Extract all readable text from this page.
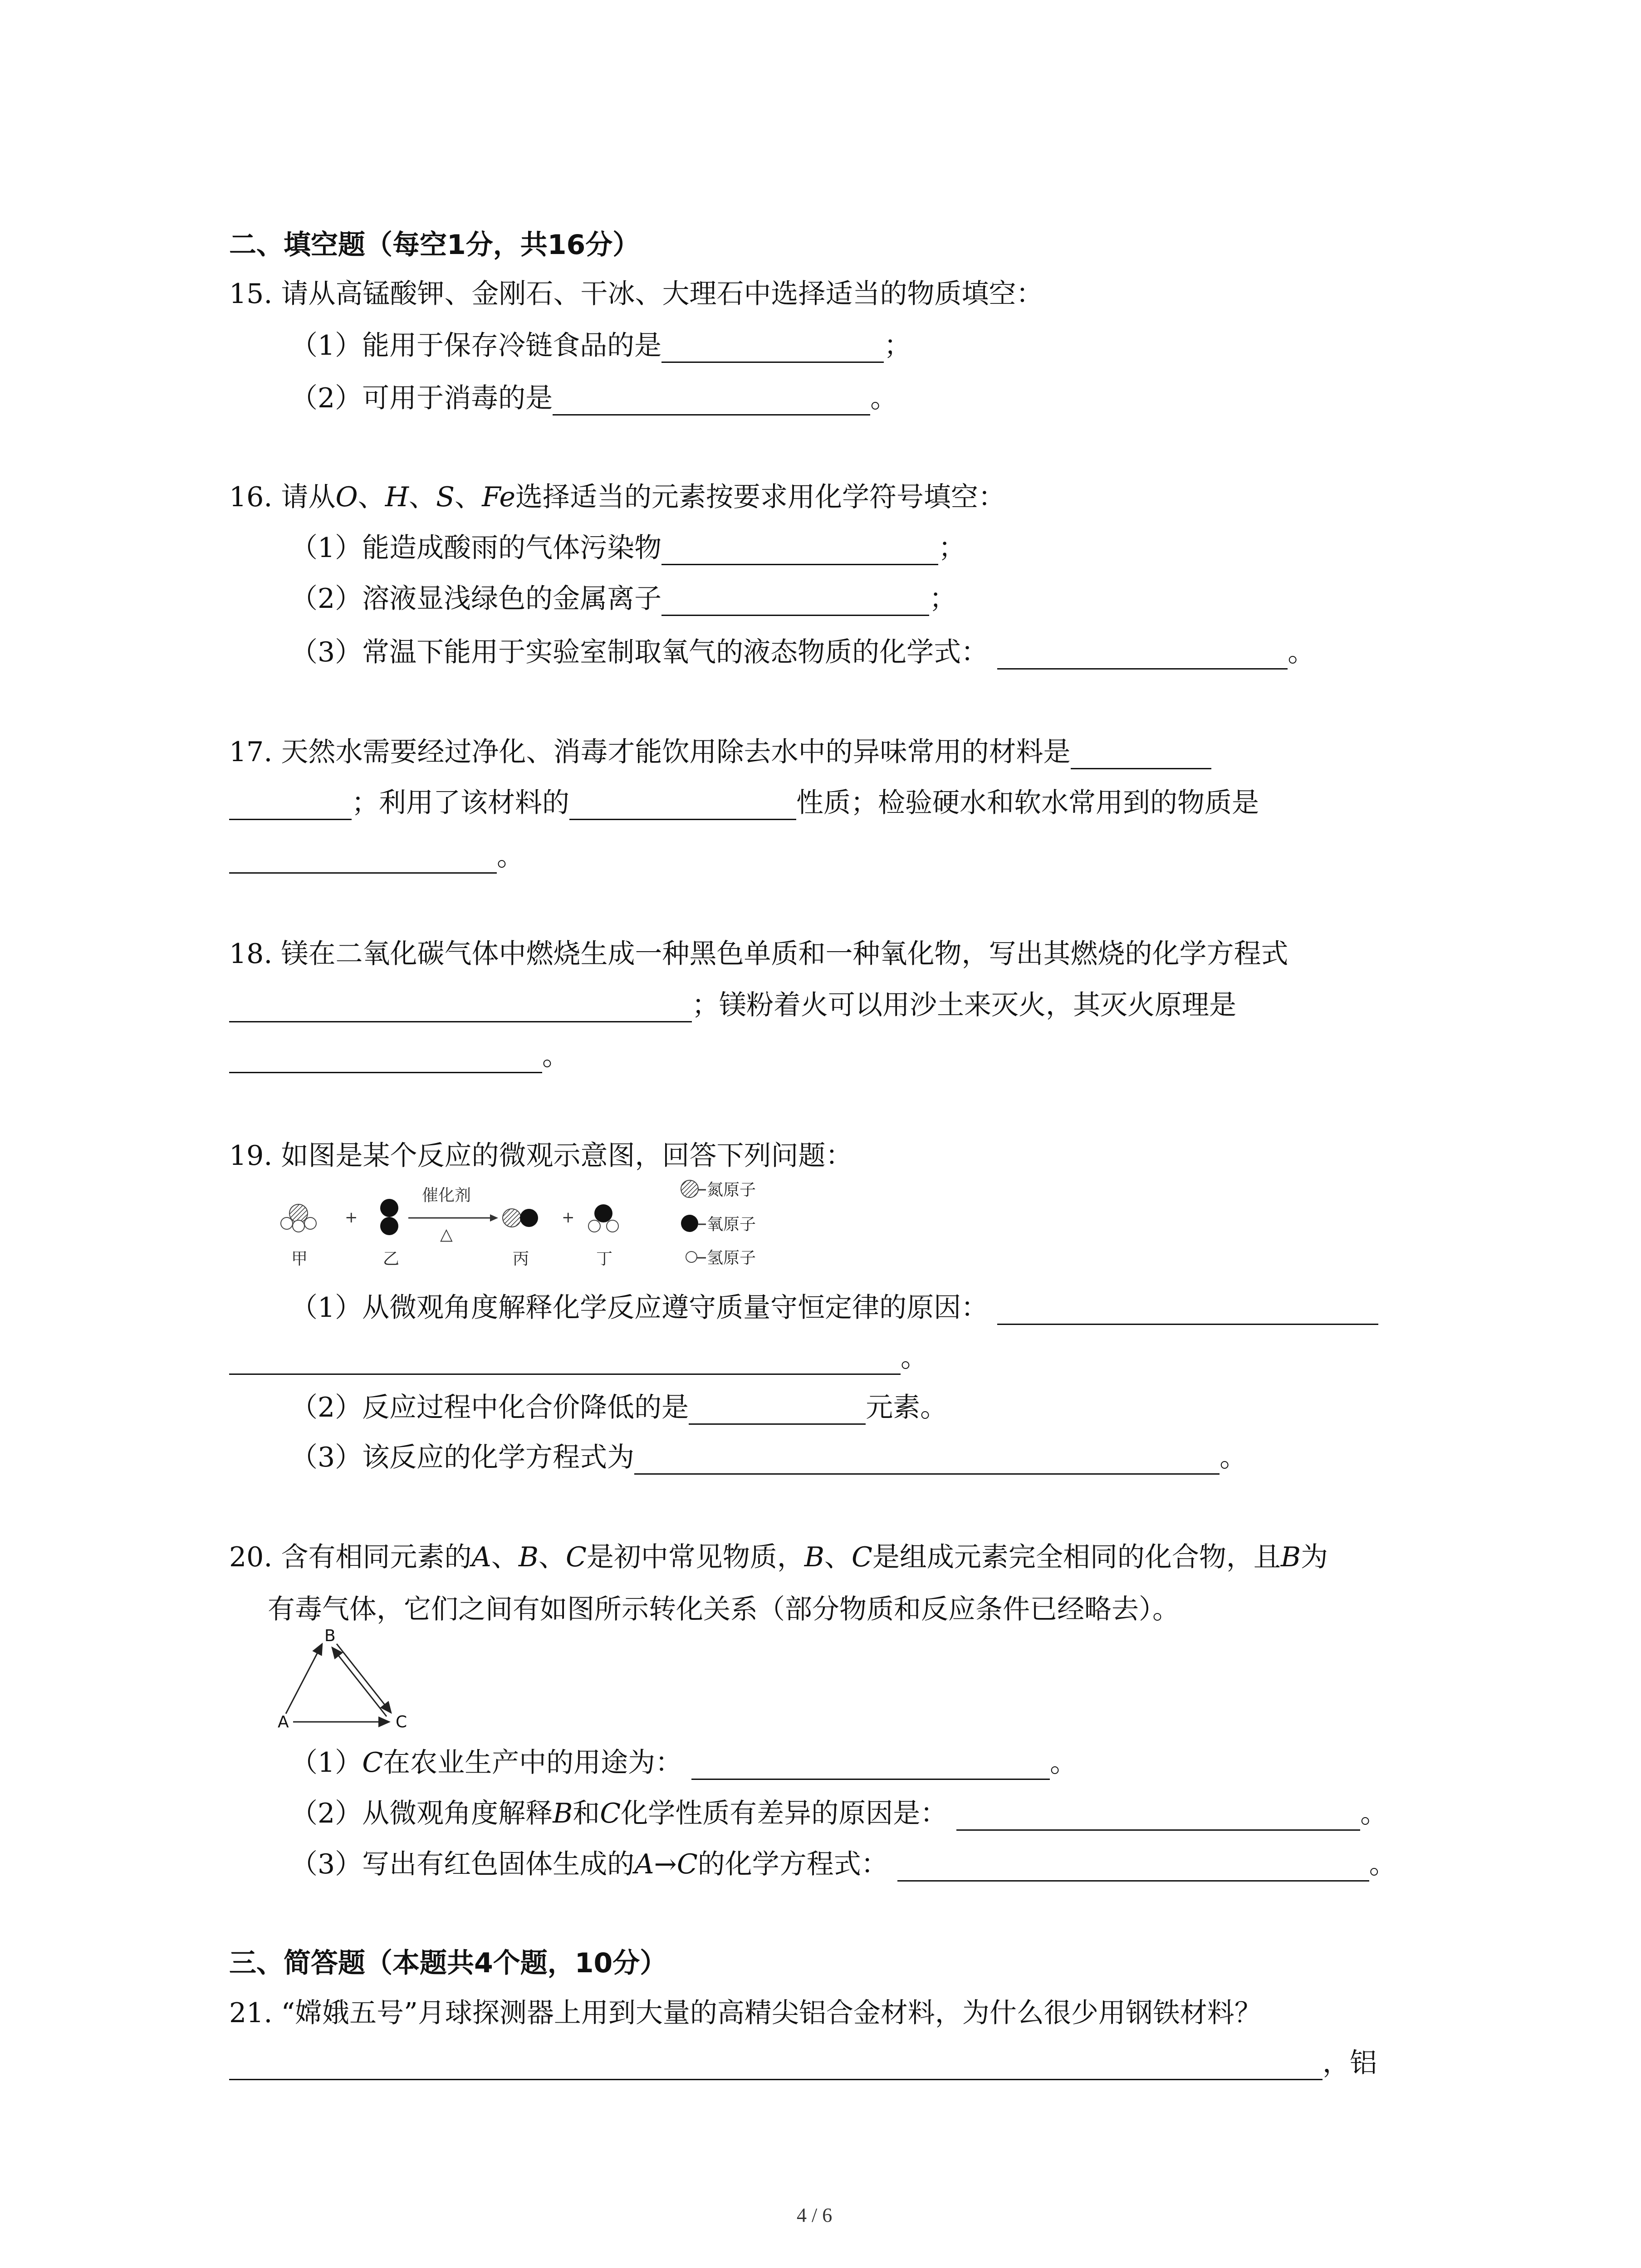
二、填空题（每空1分，共16分）
15. 请从高锰酸钾、金刚石、干冰、大理石中选择适当的物质填空：
（1）能用于保存冷链食品的是	；
（2）可用于消毒的是	。
16. 请从O、H、S、Fe选择适当的元素按要求用化学符号填空：
（1）能造成酸雨的气体污染物	；
（2）溶液显浅绿色的金属离子	；
（3）常温下能用于实验室制取氧气的液态物质的化学式：	。
17. 天然水需要经过净化、消毒才能饮用除去水中的异味常用的材料是
；利用了该材料的	性质；检验硬水和软水常用到的物质是
。
18. 镁在二氧化碳气体中燃烧生成一种黑色单质和一种氧化物，写出其燃烧的化学方程式
；镁粉着火可以用沙土来灭火，其灭火原理是
。
19. 如图是某个反应的微观示意图，回答下列问题：
+
催化剂
△
+
氮原子
氧原子
氢原子
甲	乙	丙	丁
（1）从微观角度解释化学反应遵守质量守恒定律的原因：
。
（2）反应过程中化合价降低的是	元素。
（3）该反应的化学方程式为	。
20. 含有相同元素的A、B、C是初中常见物质，B、C是组成元素完全相同的化合物，且B为
有毒气体，它们之间有如图所示转化关系（部分物质和反应条件已经略去）。
B
A	C
（1）C在农业生产中的用途为：	。
（2）从微观角度解释B和C化学性质有差异的原因是：	。
（3）写出有红色固体生成的A→C的化学方程式：	。
三、简答题（本题共4个题，10分）
21. “嫦娥五号”月球探测器上用到大量的高精尖铝合金材料，为什么很少用钢铁材料？
，铝
4 / 6
